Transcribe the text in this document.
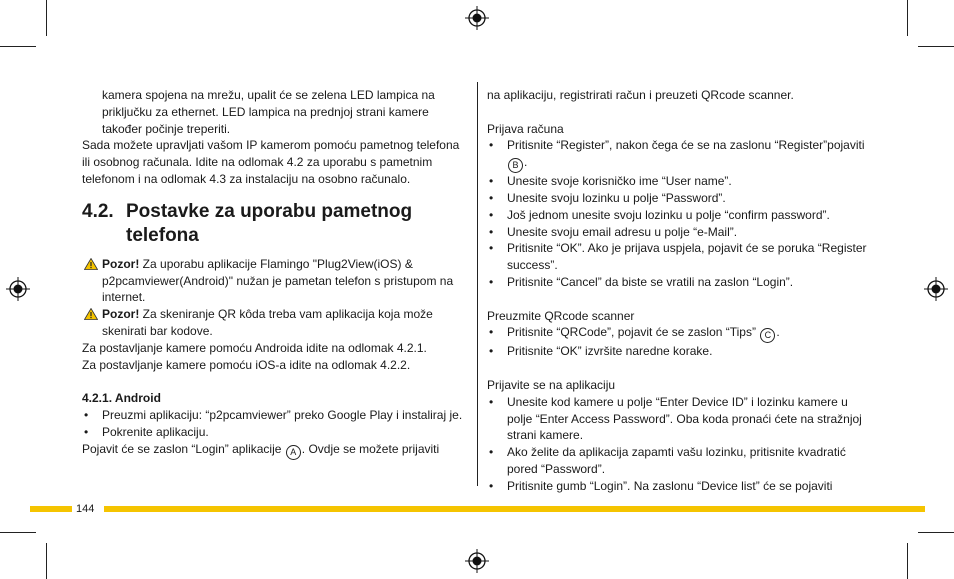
kamera spojena na mrežu, upalit će se zelena LED lampica na priključku za ethernet. LED lampica na prednjoj strani kamere također počinje treperiti.

Sada možete upravljati vašom IP kamerom pomoću pametnog telefona ili osobnog računala. Idite na odlomak 4.2 za uporabu s pametnim telefonom i na odlomak 4.3 za instalaciju na osobno računalo.

4.2. Postavke za uporabu pametnog telefona

Pozor! Za uporabu aplikacije Flamingo "Plug2View(iOS) & p2pcamviewer(Android)" nužan je pametan telefon s pristupom na internet.

Pozor! Za skeniranje QR kôda treba vam aplikacija koja može skenirati bar kodove.

Za postavljanje kamere pomoću Androida idite na odlomak 4.2.1.

Za postavljanje kamere pomoću iOS-a idite na odlomak 4.2.2.

4.2.1. Android

• Preuzmi aplikaciju: “p2pcamviewer” preko Google Play i instaliraj je.

• Pokrenite aplikaciju.

Pojavit će se zaslon “Login” aplikacije A . Ovdje se možete prijaviti

na aplikaciju, registrirati račun i preuzeti QRcode scanner.

Prijava računa

• Pritisnite “Register”, nakon čega će se na zaslonu “Register”pojaviti B .

• Unesite svoje korisničko ime “User name”.

• Unesite svoju lozinku u polje “Password”.

• Još jednom unesite svoju lozinku u polje “confirm password”.

• Unesite svoju email adresu u polje “e-Mail”.

• Pritisnite “OK”. Ako je prijava uspjela, pojavit će se poruka “Register success”.

• Pritisnite “Cancel” da biste se vratili na zaslon “Login”.

Preuzmite QRcode scanner

• Pritisnite “QRCode”, pojavit će se zaslon “Tips” C .

• Pritisnite “OK” izvršite naredne korake.

Prijavite se na aplikaciju

• Unesite kod kamere u polje “Enter Device ID” i lozinku kamere u polje “Enter Access Password”. Oba koda pronaći ćete na stražnjoj strani kamere.

• Ako želite da aplikacija zapamti vašu lozinku, pritisnite kvadratić pored “Password”.

• Pritisnite gumb “Login”. Na zaslonu “Device list” će se pojaviti

144
